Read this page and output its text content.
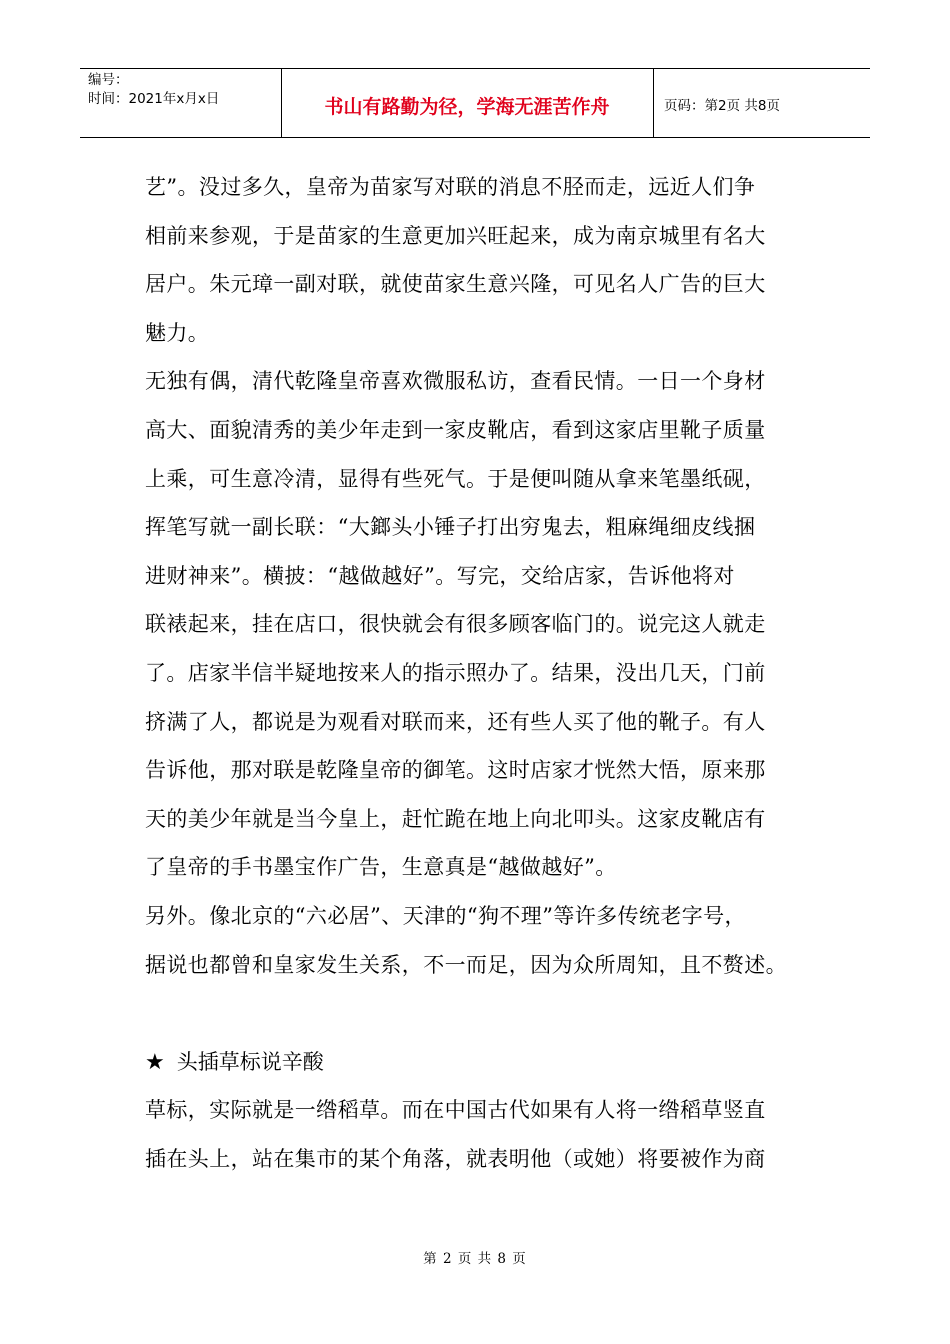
编号：
时间：2021年x月x日	书山有路勤为径，学海无涯苦作舟	页码：第2页 共8页
艺”。没过多久，皇帝为苗家写对联的消息不胫而走，远近人们争
相前来参观，于是苗家的生意更加兴旺起来，成为南京城里有名大
居户。朱元璋一副对联，就使苗家生意兴隆，可见名人广告的巨大
魅力。
无独有偶，清代乾隆皇帝喜欢微服私访，查看民情。一日一个身材
高大、面貌清秀的美少年走到一家皮靴店，看到这家店里靴子质量
上乘，可生意冷清，显得有些死气。于是便叫随从拿来笔墨纸砚，
挥笔写就一副长联：“大鎯头小锤子打出穷鬼去，粗麻绳细皮线捆
进财神来”。横披：“越做越好”。写完，交给店家，告诉他将对
联裱起来，挂在店口，很快就会有很多顾客临门的。说完这人就走
了。店家半信半疑地按来人的指示照办了。结果，没出几天，门前
挤满了人，都说是为观看对联而来，还有些人买了他的靴子。有人
告诉他，那对联是乾隆皇帝的御笔。这时店家才恍然大悟，原来那
天的美少年就是当今皇上，赶忙跪在地上向北叩头。这家皮靴店有
了皇帝的手书墨宝作广告，生意真是“越做越好”。
另外。像北京的“六必居”、天津的“狗不理”等许多传统老字号，
据说也都曾和皇家发生关系，不一而足，因为众所周知，且不赘述。
★ 头插草标说辛酸
草标，实际就是一绺稻草。而在中国古代如果有人将一绺稻草竖直
插在头上，站在集市的某个角落，就表明他（或她）将要被作为商
第 2 页 共 8 页
